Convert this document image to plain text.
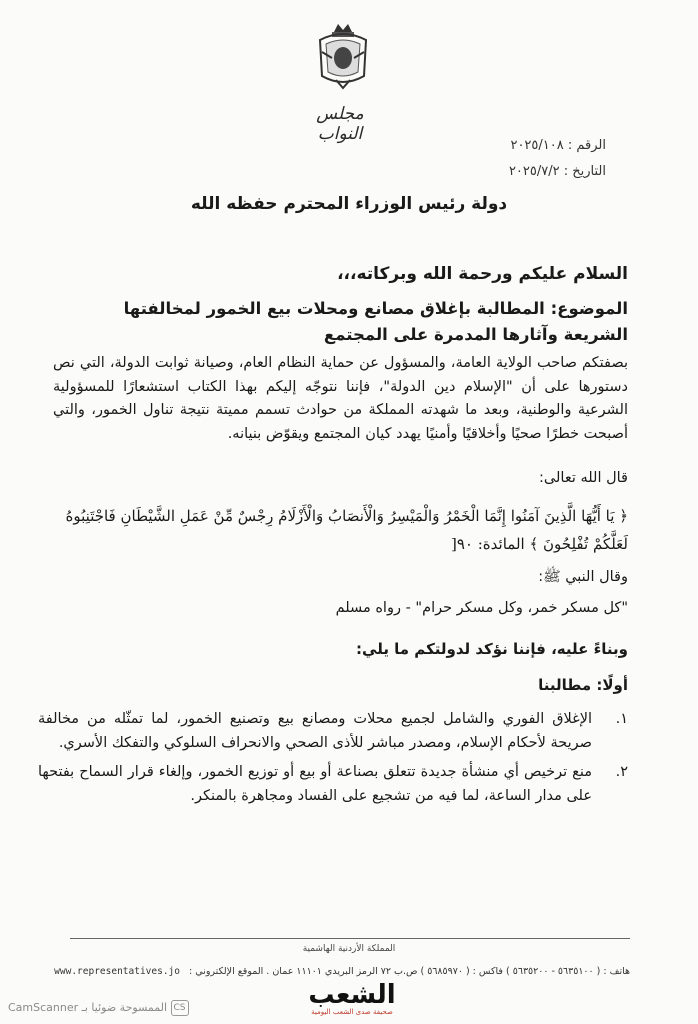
مجلس النواب
الرقم : ٢٠٢٥/١٠٨
التاريخ : ٢٠٢٥/٧/٢
دولة رئيس الوزراء المحترم حفظه الله
السلام عليكم ورحمة الله وبركاته،،،
الموضوع: المطالبة بإغلاق مصانع ومحلات بيع الخمور لمخالفتها الشريعة وآثارها المدمرة على المجتمع
بصفتكم صاحب الولاية العامة، والمسؤول عن حماية النظام العام، وصيانة ثوابت الدولة، التي نص دستورها على أن "الإسلام دين الدولة"، فإننا نتوجّه إليكم بهذا الكتاب استشعارًا للمسؤولية الشرعية والوطنية، وبعد ما شهدته المملكة من حوادث تسمم مميتة نتيجة تناول الخمور، والتي أصبحت خطرًا صحيًا وأخلاقيًا وأمنيًا يهدد كيان المجتمع ويقوّض بنيانه.
قال الله تعالى:
﴿ يَا أَيُّهَا الَّذِينَ آمَنُوا إِنَّمَا الْخَمْرُ وَالْمَيْسِرُ وَالْأَنصَابُ وَالْأَزْلَامُ رِجْسٌ مِّنْ عَمَلِ الشَّيْطَانِ فَاجْتَنِبُوهُ لَعَلَّكُمْ تُفْلِحُونَ ﴾ المائدة: ٩٠[
وقال النبي ﷺ:
"كل مسكر خمر، وكل مسكر حرام" - رواه مسلم
وبناءً عليه، فإننا نؤكد لدولتكم ما يلي:
أولًا: مطالبنا
١.
الإغلاق الفوري والشامل لجميع محلات ومصانع بيع وتصنيع الخمور، لما تمثّله من مخالفة صريحة لأحكام الإسلام، ومصدر مباشر للأذى الصحي والانحراف السلوكي والتفكك الأسري.
٢.
منع ترخيص أي منشأة جديدة تتعلق بصناعة أو بيع أو توزيع الخمور، وإلغاء قرار السماح بفتحها على مدار الساعة، لما فيه من تشجيع على الفساد ومجاهرة بالمنكر.
المملكة الأردنية الهاشمية
هاتف : ( ٥٦٣٥١٠٠ - ٥٦٣٥٢٠٠ ) فاكس : ( ٥٦٨٥٩٧٠ ) ص.ب ٧٢ الرمز البريدي ١١١٠١ عمان . الموقع الإلكتروني : www.representatives.jo
CS الممسوحة ضوئيا بـ CamScanner	الشعب
صحيفة صدى الشعب اليومية
